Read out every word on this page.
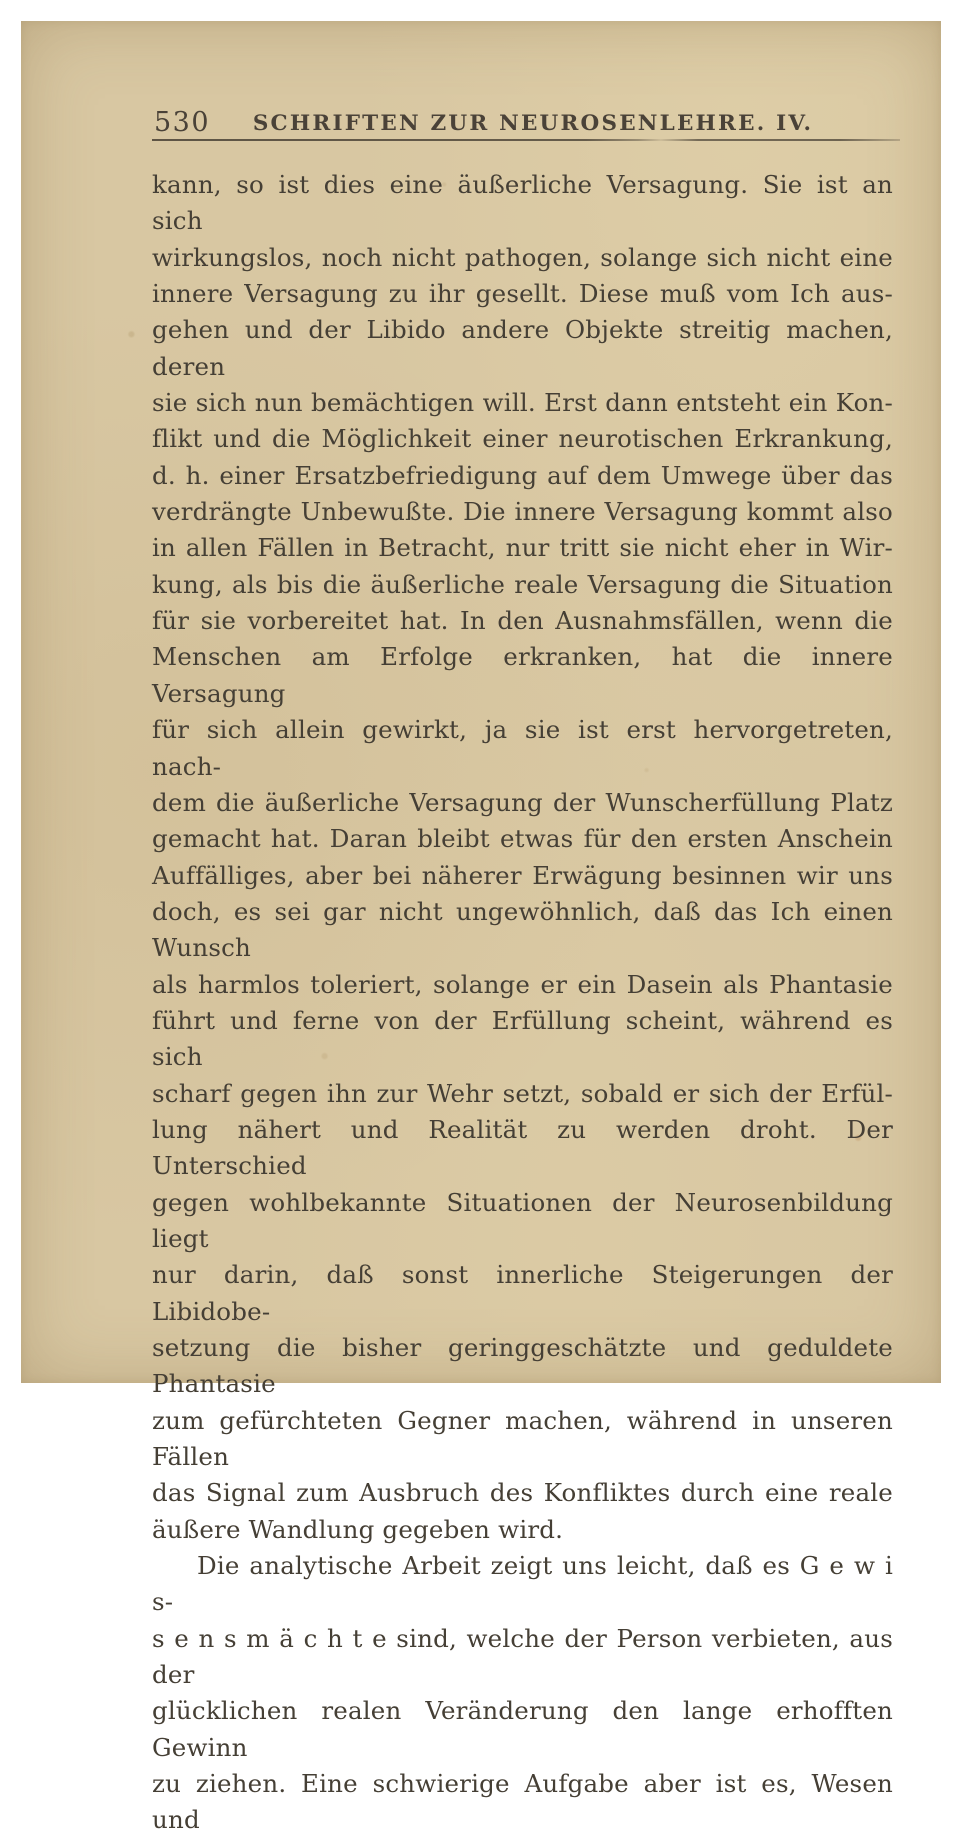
530	SCHRIFTEN ZUR NEUROSENLEHRE. IV.
kann, so ist dies eine äußerliche Versagung. Sie ist an sich
wirkungslos, noch nicht pathogen, solange sich nicht eine
innere Versagung zu ihr gesellt. Diese muß vom Ich aus-
gehen und der Libido andere Objekte streitig machen, deren
sie sich nun bemächtigen will. Erst dann entsteht ein Kon-
flikt und die Möglichkeit einer neurotischen Erkrankung,
d. h. einer Ersatzbefriedigung auf dem Umwege über das
verdrängte Unbewußte. Die innere Versagung kommt also
in allen Fällen in Betracht, nur tritt sie nicht eher in Wir-
kung, als bis die äußerliche reale Versagung die Situation
für sie vorbereitet hat. In den Ausnahmsfällen, wenn die
Menschen am Erfolge erkranken, hat die innere Versagung
für sich allein gewirkt, ja sie ist erst hervorgetreten, nach-
dem die äußerliche Versagung der Wunscherfüllung Platz
gemacht hat. Daran bleibt etwas für den ersten Anschein
Auffälliges, aber bei näherer Erwägung besinnen wir uns
doch, es sei gar nicht ungewöhnlich, daß das Ich einen Wunsch
als harmlos toleriert, solange er ein Dasein als Phantasie
führt und ferne von der Erfüllung scheint, während es sich
scharf gegen ihn zur Wehr setzt, sobald er sich der Erfül-
lung nähert und Realität zu werden droht. Der Unterschied
gegen wohlbekannte Situationen der Neurosenbildung liegt
nur darin, daß sonst innerliche Steigerungen der Libidobe-
setzung die bisher geringgeschätzte und geduldete Phantasie
zum gefürchteten Gegner machen, während in unseren Fällen
das Signal zum Ausbruch des Konfliktes durch eine reale
äußere Wandlung gegeben wird.
Die analytische Arbeit zeigt uns leicht, daß es G e w i s-
s e n s m ä c h t e sind, welche der Person verbieten, aus der
glücklichen realen Veränderung den lange erhofften Gewinn
zu ziehen. Eine schwierige Aufgabe aber ist es, Wesen und
